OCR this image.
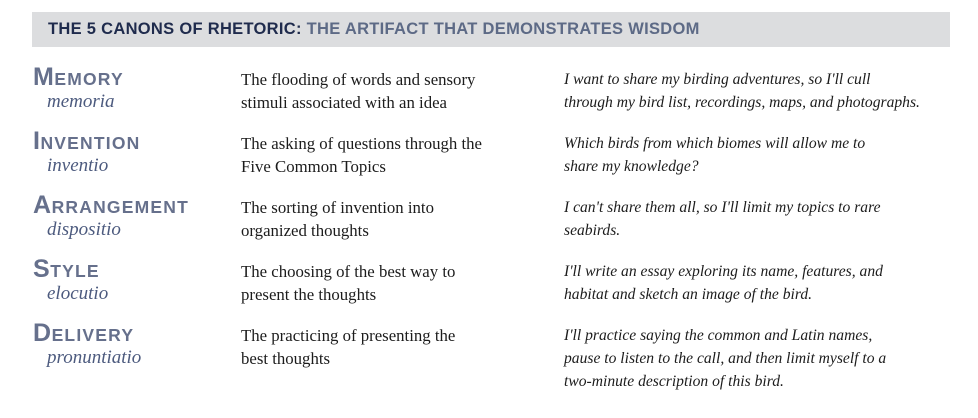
THE 5 CANONS OF RHETORIC: THE ARTIFACT THAT DEMONSTRATES WISDOM
MEMORY
memoria
The flooding of words and sensory
stimuli associated with an idea
I want to share my birding adventures, so I'll cull
through my bird list, recordings, maps, and photographs.
INVENTION
inventio
The asking of questions through the
Five Common Topics
Which birds from which biomes will allow me to
share my knowledge?
ARRANGEMENT
dispositio
The sorting of invention into
organized thoughts
I can't share them all, so I'll limit my topics to rare
seabirds.
STYLE
elocutio
The choosing of the best way to
present the thoughts
I'll write an essay exploring its name, features, and
habitat and sketch an image of the bird.
DELIVERY
pronuntiatio
The practicing of presenting the
best thoughts
I'll practice saying the common and Latin names,
pause to listen to the call, and then limit myself to a
two-minute description of this bird.
